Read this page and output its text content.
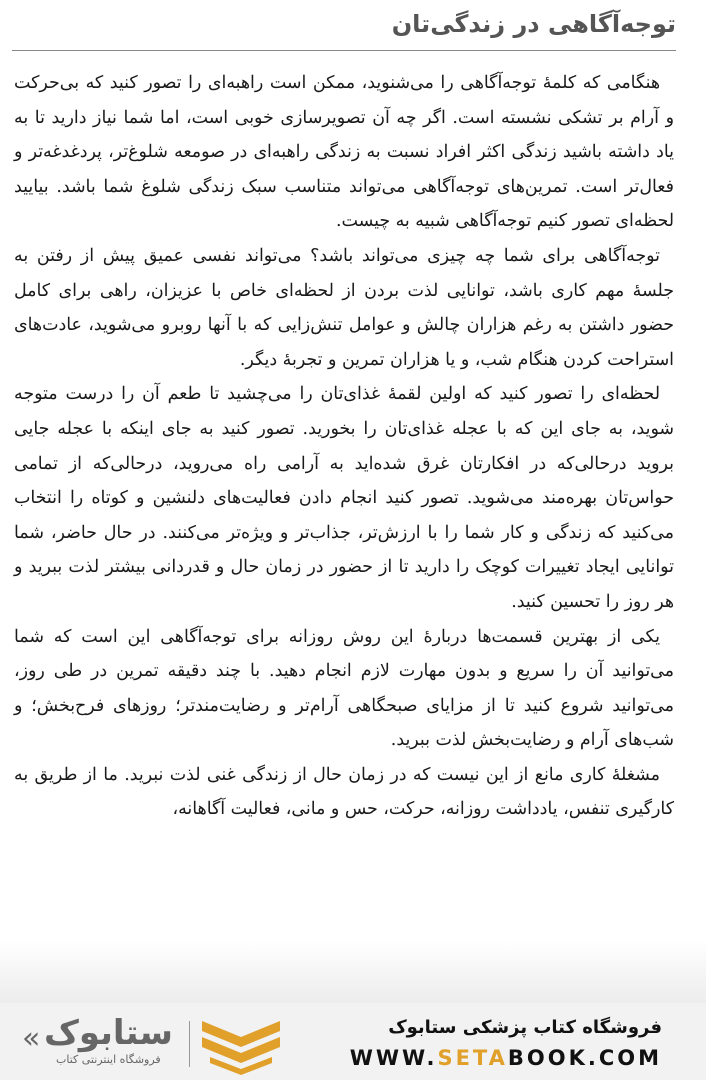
توجه‌آگاهی در زندگی‌تان

هنگامی که کلمهٔ توجه‌آگاهی را می‌شنوید، ممکن است راهبه‌ای را تصور کنید که بی‌حرکت و آرام بر تشکی نشسته است. اگر چه آن تصویرسازی خوبی است، اما شما نیاز دارید تا به یاد داشته باشید زندگی اکثر افراد نسبت به زندگی راهبه‌ای در صومعه شلوغ‌تر، پردغدغه‌تر و فعال‌تر است. تمرین‌های توجه‌آگاهی می‌تواند متناسب سبک زندگی شلوغ شما باشد. بیایید لحظه‌ای تصور کنیم توجه‌آگاهی شبیه به چیست.

توجه‌آگاهی برای شما چه چیزی می‌تواند باشد؟ می‌تواند نفسی عمیق پیش از رفتن به جلسهٔ مهم کاری باشد، توانایی لذت بردن از لحظه‌ای خاص با عزیزان، راهی برای کامل حضور داشتن به رغم هزاران چالش و عوامل تنش‌زایی که با آنها روبرو می‌شوید، عادت‌های استراحت کردن هنگام شب، و یا هزاران تمرین و تجربهٔ دیگر.

لحظه‌ای را تصور کنید که اولین لقمهٔ غذای‌تان را می‌چشید تا طعم آن را درست متوجه شوید، به جای این که با عجله غذای‌تان را بخورید. تصور کنید به جای اینکه با عجله جایی بروید درحالی‌که در افکارتان غرق شده‌اید به آرامی راه می‌روید، درحالی‌که از تمامی حواس‌تان بهره‌مند می‌شوید. تصور کنید انجام دادن فعالیت‌های دلنشین و کوتاه را انتخاب می‌کنید که زندگی و کار شما را با ارزش‌تر، جذاب‌تر و ویژه‌تر می‌کنند. در حال حاضر، شما توانایی ایجاد تغییرات کوچک را دارید تا از حضور در زمان حال و قدردانی بیشتر لذت ببرید و هر روز را تحسین کنید.

یکی از بهترین قسمت‌ها دربارهٔ این روش روزانه برای توجه‌آگاهی این است که شما می‌توانید آن را سریع و بدون مهارت لازم انجام دهید. با چند دقیقه تمرین در طی روز، می‌توانید شروع کنید تا از مزایای صبحگاهی آرام‌تر و رضایت‌مندتر؛ روزهای فرح‌بخش؛ و شب‌های آرام و رضایت‌بخش لذت ببرید.

مشغلهٔ کاری مانع از این نیست که در زمان حال از زندگی غنی لذت نبرید. ما از طریق به کارگیری تنفس، یادداشت روزانه، حرکت، حس و مانی، فعالیت آگاهانه،

« ستابوک
فروشگاه اینترنتی کتاب
فروشگاه کتاب پزشکی ستابوک
WWW.SETABOOK.COM
